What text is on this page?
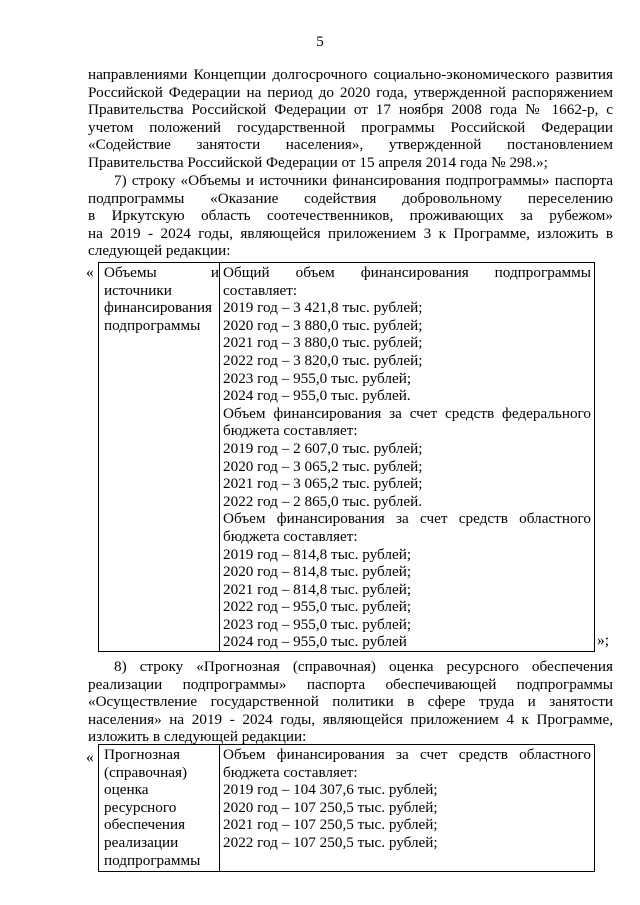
5
направлениями Концепции долгосрочного социально-экономического развития
Российской Федерации на период до 2020 года, утвержденной распоряжением
Правительства Российской Федерации от 17 ноября 2008 года № 1662-р, с
учетом положений государственной программы Российской Федерации
«Содействие занятости населения», утвержденной постановлением
Правительства Российской Федерации от 15 апреля 2014 года № 298.»;
7) строку «Объемы и источники финансирования подпрограммы» паспорта
подпрограммы «Оказание содействия добровольному переселению
в Иркутскую область соотечественников, проживающих за рубежом»
на 2019 - 2024 годы, являющейся приложением 3 к Программе, изложить в
следующей редакции:
« Объемы и
источники
финансирования
подпрограммы

Общий объем финансирования подпрограммы
составляет:
2019 год – 3 421,8 тыс. рублей;
2020 год – 3 880,0 тыс. рублей;
2021 год – 3 880,0 тыс. рублей;
2022 год – 3 820,0 тыс. рублей;
2023 год – 955,0 тыс. рублей;
2024 год – 955,0 тыс. рублей.
Объем финансирования за счет средств федерального
бюджета составляет:
2019 год – 2 607,0 тыс. рублей;
2020 год – 3 065,2 тыс. рублей;
2021 год – 3 065,2 тыс. рублей;
2022 год – 2 865,0 тыс. рублей.
Объем финансирования за счет средств областного
бюджета составляет:
2019 год – 814,8 тыс. рублей;
2020 год – 814,8 тыс. рублей;
2021 год – 814,8 тыс. рублей;
2022 год – 955,0 тыс. рублей;
2023 год – 955,0 тыс. рублей;
2024 год – 955,0 тыс. рублей	»;
8) строку «Прогнозная (справочная) оценка ресурсного обеспечения
реализации подпрограммы» паспорта обеспечивающей подпрограммы
«Осуществление государственной политики в сфере труда и занятости
населения» на 2019 - 2024 годы, являющейся приложением 4 к Программе,
изложить в следующей редакции:
« Прогнозная
(справочная)
оценка
ресурсного
обеспечения
реализации
подпрограммы

Объем финансирования за счет средств областного
бюджета составляет:
2019 год – 104 307,6 тыс. рублей;
2020 год – 107 250,5 тыс. рублей;
2021 год – 107 250,5 тыс. рублей;
2022 год – 107 250,5 тыс. рублей;
